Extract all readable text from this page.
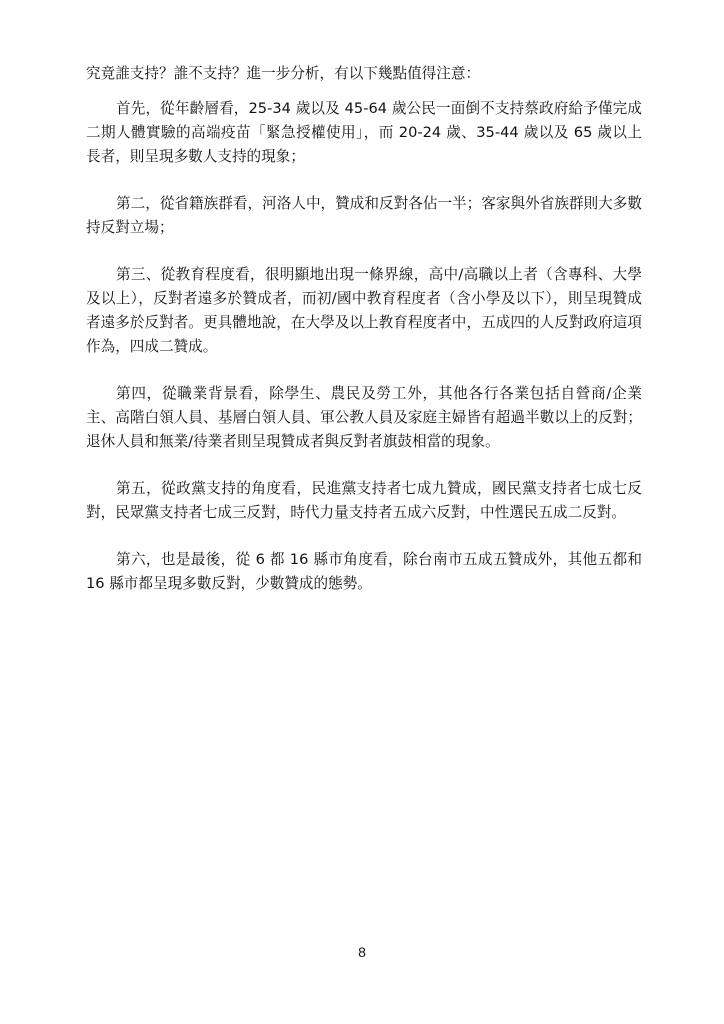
究竟誰支持？誰不支持？進一步分析，有以下幾點值得注意：

首先，從年齡層看，25-34 歲以及 45-64 歲公民一面倒不支持蔡政府給予僅完成二期人體實驗的高端疫苗「緊急授權使用」，而 20-24 歲、35-44 歲以及 65 歲以上長者，則呈現多數人支持的現象；

第二，從省籍族群看，河洛人中，贊成和反對各佔一半；客家與外省族群則大多數持反對立場；

第三、從教育程度看，很明顯地出現一條界線，高中/高職以上者（含專科、大學及以上），反對者遠多於贊成者，而初/國中教育程度者（含小學及以下），則呈現贊成者遠多於反對者。更具體地說，在大學及以上教育程度者中，五成四的人反對政府這項作為，四成二贊成。

第四，從職業背景看，除學生、農民及勞工外，其他各行各業包括自營商/企業主、高階白領人員、基層白領人員、軍公教人員及家庭主婦皆有超過半數以上的反對；退休人員和無業/待業者則呈現贊成者與反對者旗鼓相當的現象。

第五，從政黨支持的角度看，民進黨支持者七成九贊成，國民黨支持者七成七反對，民眾黨支持者七成三反對，時代力量支持者五成六反對，中性選民五成二反對。

第六，也是最後，從 6 都 16 縣市角度看，除台南市五成五贊成外，其他五都和 16 縣市都呈現多數反對，少數贊成的態勢。

8
